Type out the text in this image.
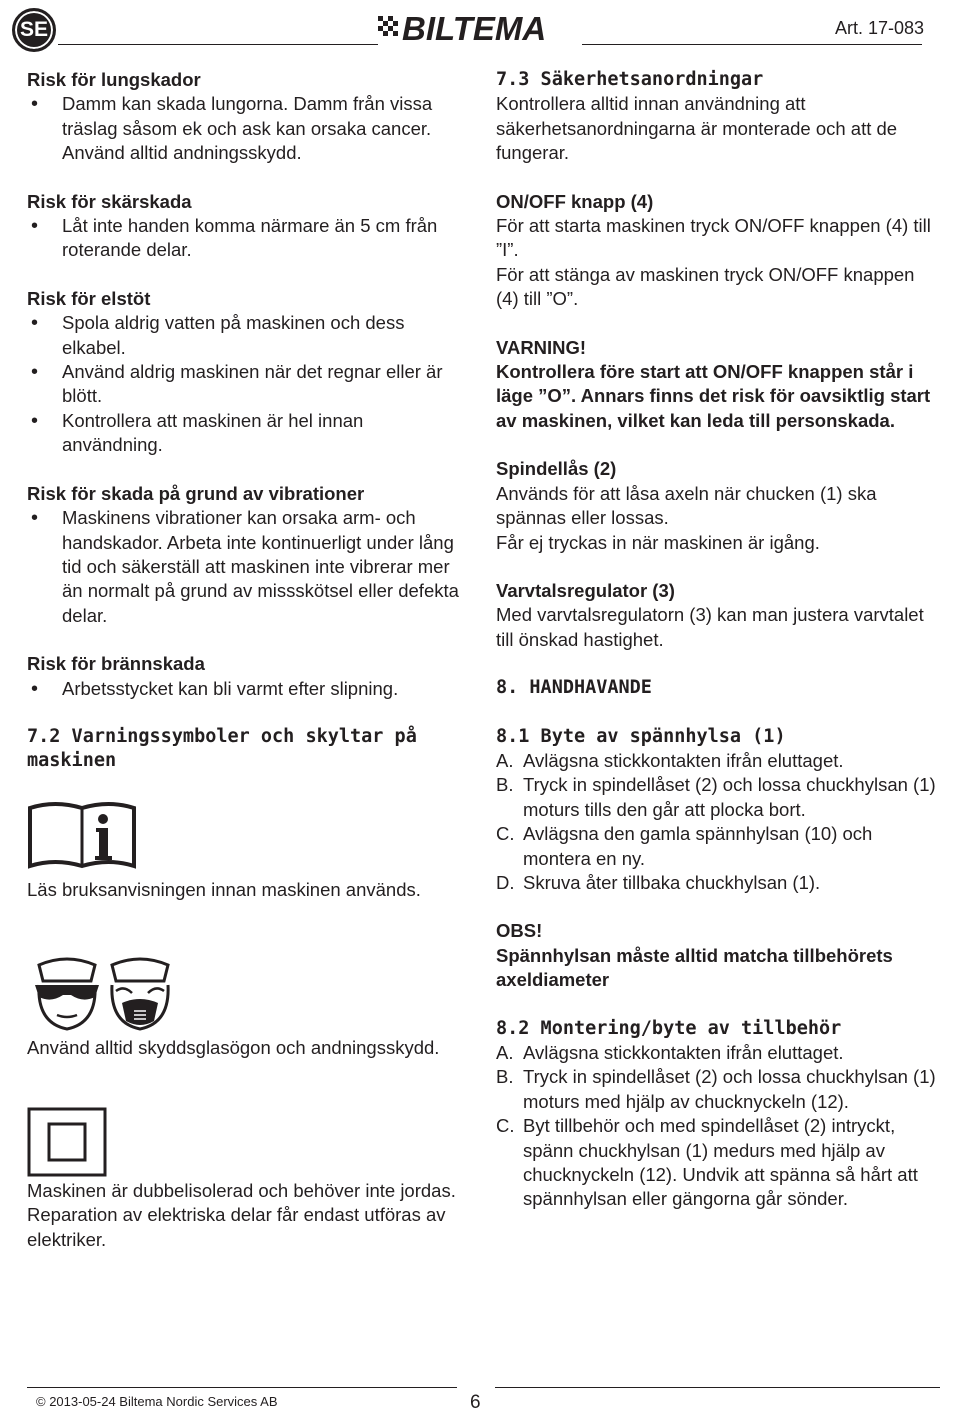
SE	BILTEMA	Art. 17-083

Risk för lungskador

• Damm kan skada lungorna. Damm från vissa träslag såsom ek och ask kan orsaka cancer. Använd alltid andningsskydd.

Risk för skärskada

• Låt inte handen komma närmare än 5 cm från roterande delar.

Risk för elstöt

• Spola aldrig vatten på maskinen och dess elkabel.

• Använd aldrig maskinen när det regnar eller är blött.

• Kontrollera att maskinen är hel innan användning.

Risk för skada på grund av vibrationer

• Maskinens vibrationer kan orsaka arm- och handskador. Arbeta inte kontinuerligt under lång tid och säkerställ att maskinen inte vibrerar mer än normalt på grund av missskötsel eller defekta delar.

Risk för brännskada

• Arbetsstycket kan bli varmt efter slipning.

7.2 Varningssymboler och skyltar på maskinen

Läs bruksanvisningen innan maskinen används.

Använd alltid skyddsglasögon och andningsskydd.

Maskinen är dubbelisolerad och behöver inte jordas. Reparation av elektriska delar får endast utföras av elektriker.

7.3 Säkerhetsanordningar

Kontrollera alltid innan användning att säkerhetsanordningarna är monterade och att de fungerar.

ON/OFF knapp (4)

För att starta maskinen tryck ON/OFF knappen (4) till ”I”.

För att stänga av maskinen tryck ON/OFF knappen (4) till ”O”.

VARNING!

Kontrollera före start att ON/OFF knappen står i läge ”O”. Annars finns det risk för oavsiktlig start av maskinen, vilket kan leda till personskada.

Spindellås (2)

Används för att låsa axeln när chucken (1) ska spännas eller lossas.

Får ej tryckas in när maskinen är igång.

Varvtalsregulator (3)

Med varvtalsregulatorn (3) kan man justera varvtalet till önskad hastighet.

8. HANDHAVANDE

8.1 Byte av spännhylsa (1)

A. Avlägsna stickkontakten ifrån eluttaget.

B. Tryck in spindellåset (2) och lossa chuckhylsan (1) moturs tills den går att plocka bort.

C. Avlägsna den gamla spännhylsan (10) och montera en ny.

D. Skruva åter tillbaka chuckhylsan (1).

OBS!

Spännhylsan måste alltid matcha tillbehörets axeldiameter

8.2 Montering/byte av tillbehör

A. Avlägsna stickkontakten ifrån eluttaget.

B. Tryck in spindellåset (2) och lossa chuckhylsan (1) moturs med hjälp av chucknyckeln (12).

C. Byt tillbehör och med spindellåset (2) intryckt, spänn chuckhylsan (1) medurs med hjälp av chucknyckeln (12). Undvik att spänna så hårt att spännhylsan eller gängorna går sönder.

© 2013-05-24 Biltema Nordic Services AB	6
